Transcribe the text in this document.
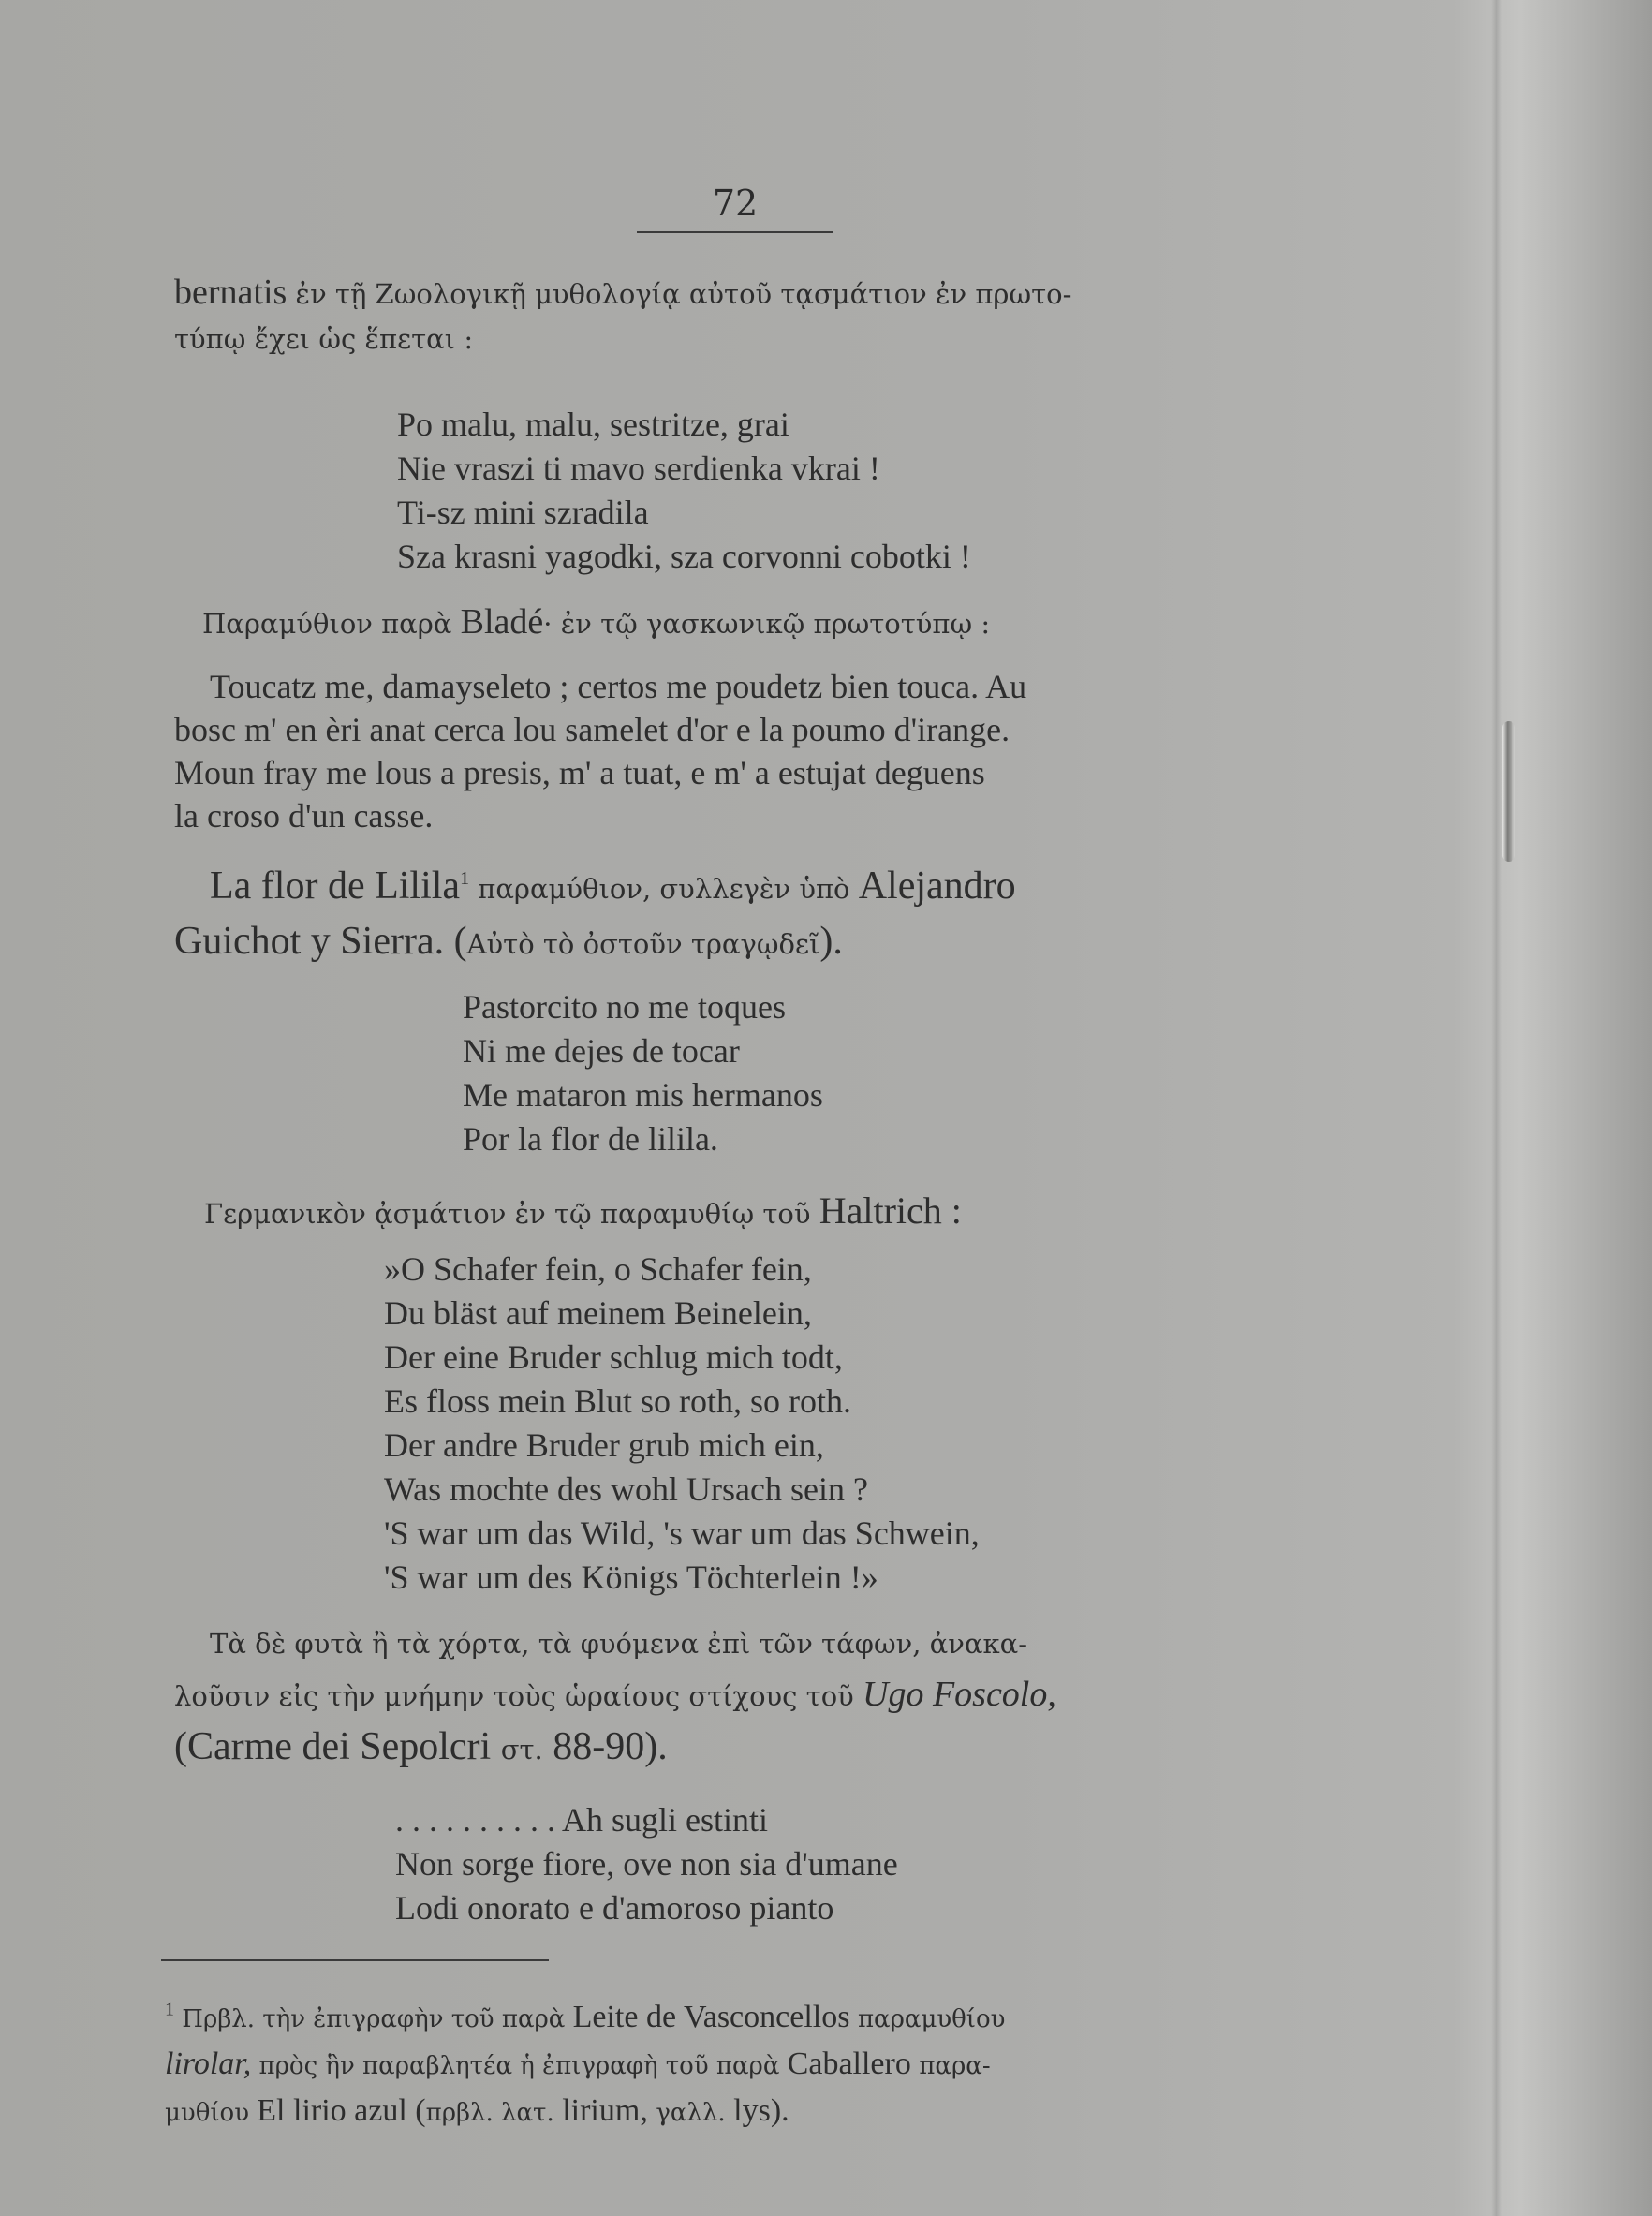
72
bernatis ἐν τῇ Ζωολογικῇ μυθολογίᾳ αὐτοῦ τᾳσμάτιον ἐν πρωτο-
τύπῳ ἔχει ὡς ἕπεται :
Po malu, malu, sestritze, grai
Nie vraszi ti mavo serdienka vkrai !
Ti-sz mini szradila
Sza krasni yagodki, sza corvonni cobotki !
Παραμύθιον παρὰ Bladé· ἐν τῷ γασκωνικῷ πρωτοτύπῳ :
Toucatz me, damayseleto ; certos me poudetz bien touca. Au
bosc m' en èri anat cerca lou samelet d'or e la poumo d'irange.
Moun fray me lous a presis, m' a tuat, e m' a estujat deguens
la croso d'un casse.
La flor de Lilila$^1$ παραμύθιον, συλλεγὲν ὑπὸ Alejandro
Guichot y Sierra. (Αὐτὸ τὸ ὀστοῦν τραγῳδεῖ).
Pastorcito no me toques
Ni me dejes de tocar
Me mataron mis hermanos
Por la flor de lilila.
Γερμανικὸν ᾀσμάτιον ἐν τῷ παραμυθίῳ τοῦ Haltrich :
»O Schafer fein, o Schafer fein,
Du bläst auf meinem Beinelein,
Der eine Bruder schlug mich todt,
Es floss mein Blut so roth, so roth.
Der andre Bruder grub mich ein,
Was mochte des wohl Ursach sein ?
'S war um das Wild, 's war um das Schwein,
'S war um des Königs Töchterlein !»
Τὰ δὲ φυτὰ ἢ τὰ χόρτα, τὰ φυόμενα ἐπὶ τῶν τάφων, ἀνακα-
λοῦσιν εἰς τὴν μνήμην τοὺς ὡραίους στίχους τοῦ Ugo Foscolo,
(Carme dei Sepolcri στ. 88-90).
. . . . . . . . . . Ah sugli estinti
Non sorge fiore, ove non sia d'umane
Lodi onorato e d'amoroso pianto
$^1$ Πρβλ. τὴν ἐπιγραφὴν τοῦ παρὰ Leite de Vasconcellos παραμυθίου
lirolar, πρὸς ἣν παραβλητέα ἡ ἐπιγραφὴ τοῦ παρὰ Caballero παρα-
μυθίου El lirio azul (πρβλ. λατ. lirium, γαλλ. lys).
